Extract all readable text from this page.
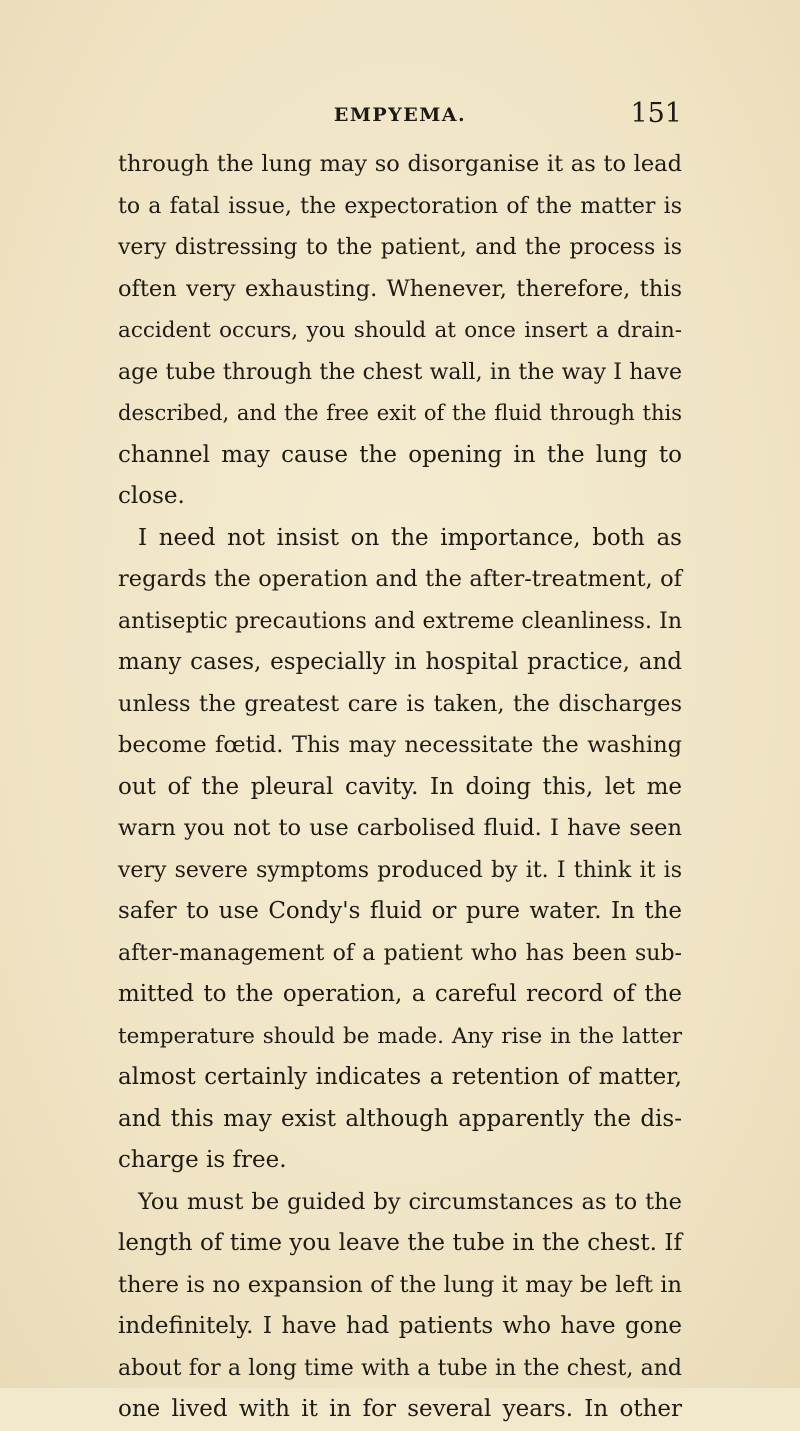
EMPYEMA.	151
through the lung may so disorganise it as to lead
to a fatal issue, the expectoration of the matter is
very distressing to the patient, and the process is
often very exhausting. Whenever, therefore, this
accident occurs, you should at once insert a drain-
age tube through the chest wall, in the way I have
described, and the free exit of the fluid through this
channel may cause the opening in the lung to
close.
I need not insist on the importance, both as
regards the operation and the after-treatment, of
antiseptic precautions and extreme cleanliness. In
many cases, especially in hospital practice, and
unless the greatest care is taken, the discharges
become fœtid. This may necessitate the washing
out of the pleural cavity. In doing this, let me
warn you not to use carbolised fluid. I have seen
very severe symptoms produced by it. I think it is
safer to use Condy's fluid or pure water. In the
after-management of a patient who has been sub-
mitted to the operation, a careful record of the
temperature should be made. Any rise in the latter
almost certainly indicates a retention of matter,
and this may exist although apparently the dis-
charge is free.
You must be guided by circumstances as to the
length of time you leave the tube in the chest. If
there is no expansion of the lung it may be left in
indefinitely. I have had patients who have gone
about for a long time with a tube in the chest, and
one lived with it in for several years. In other
